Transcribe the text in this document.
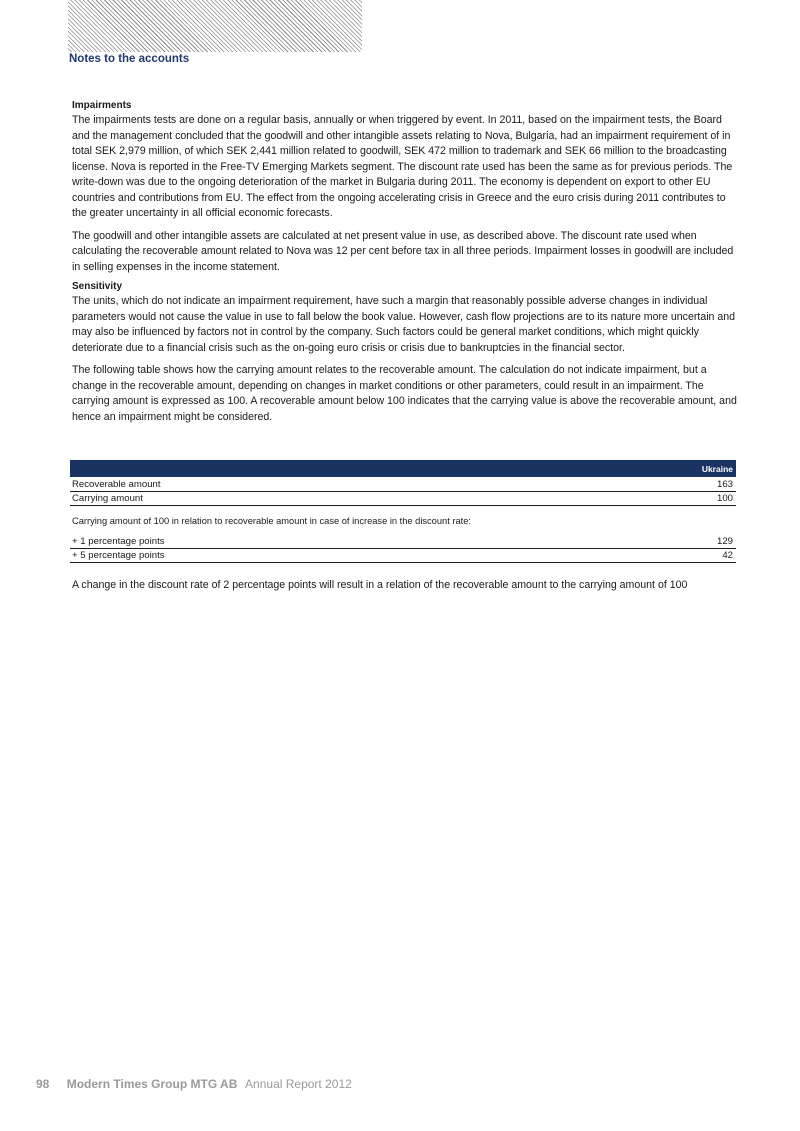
Notes to the accounts
Impairments

The impairments tests are done on a regular basis, annually or when triggered by event. In 2011, based on the impairment tests, the Board and the management concluded that the goodwill and other intangible assets relating to Nova, Bulgaria, had an impairment requirement of in total SEK 2,979 million, of which SEK 2,441 million related to goodwill, SEK 472 million to trademark and SEK 66 million to the broadcasting license. Nova is reported in the Free-TV Emerging Markets segment. The discount rate used has been the same as for previous periods. The write-down was due to the ongoing deterioration of the market in Bulgaria during 2011. The economy is dependent on export to other EU countries and contributions from EU. The effect from the ongoing accelerating crisis in Greece and the euro crisis during 2011 contributes to the greater uncertainty in all official economic forecasts.

The goodwill and other intangible assets are calculated at net present value in use, as described above. The discount rate used when calculating the recoverable amount related to Nova was 12 per cent before tax in all three periods. Impairment losses in goodwill are included in selling expenses in the income statement.

Sensitivity

The units, which do not indicate an impairment requirement, have such a margin that reasonably possible adverse changes in individual parameters would not cause the value in use to fall below the book value. However, cash flow projections are to its nature more uncertain and may also be influenced by factors not in control by the company. Such factors could be general market conditions, which might quickly deteriorate due to a financial crisis such as the on-going euro crisis or crisis due to bankruptcies in the financial sector.

The following table shows how the carrying amount relates to the recoverable amount. The calculation do not indicate impairment, but a change in the recoverable amount, depending on changes in market conditions or other parameters, could result in an impairment. The carrying amount is expressed as 100. A recoverable amount below 100 indicates that the carrying value is above the recoverable amount, and hence an impairment might be considered.

Ukraine
Recoverable amount	163
Carrying amount	100
Carrying amount of 100 in relation to recoverable amount in case of increase in the discount rate:
+ 1 percentage points	129
+ 5 percentage points	42
A change in the discount rate of 2 percentage points will result in a relation of the recoverable amount to the carrying amount of 100
98 Modern Times Group MTG AB Annual Report 2012
